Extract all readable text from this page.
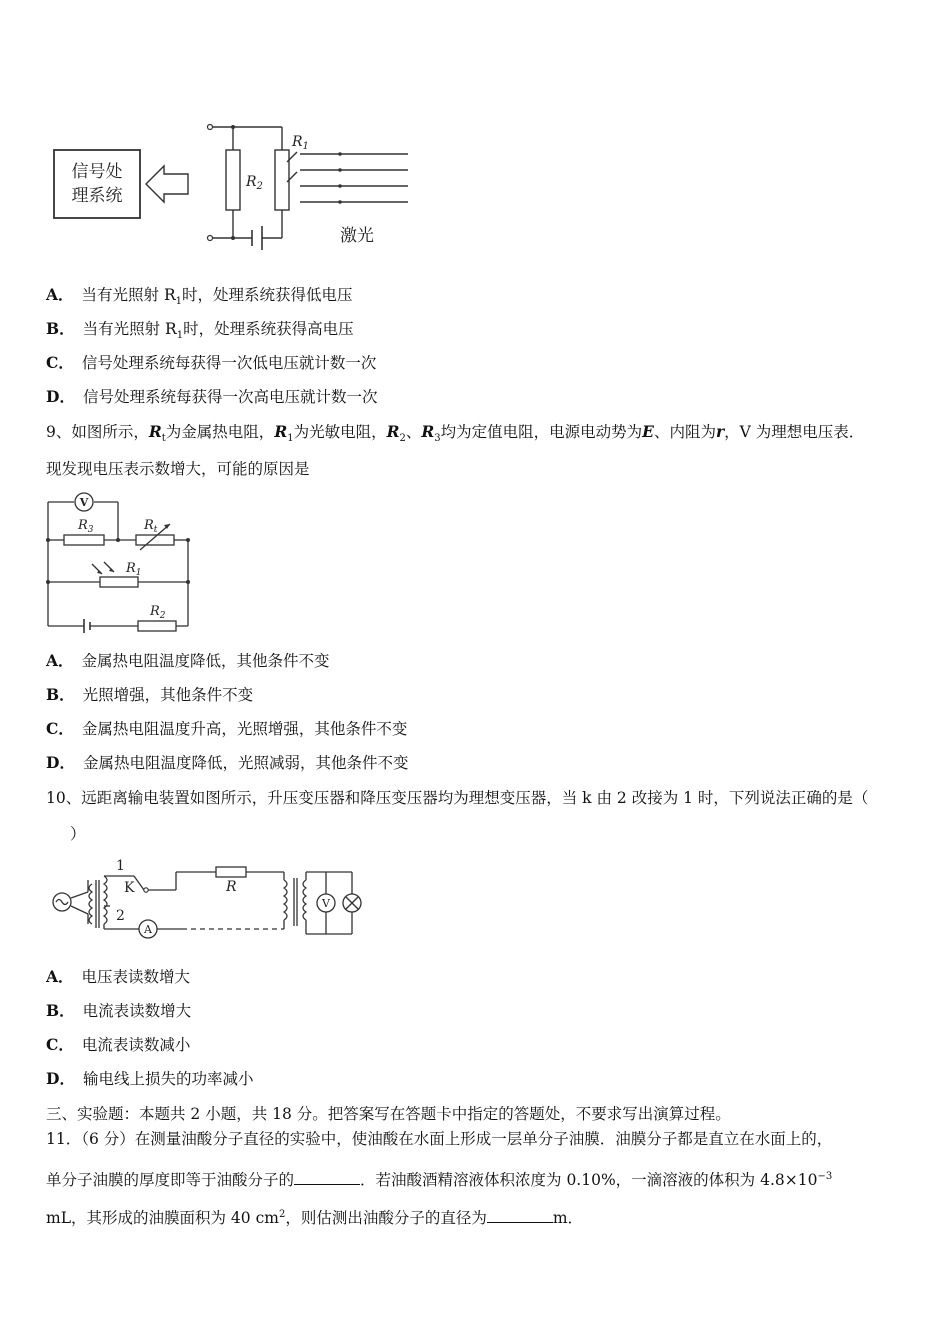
信号处
理系统
$R_2$
$R_1$
激光
A． 当有光照射 $R_1$时，处理系统获得低电压
B． 当有光照射 $R_1$时，处理系统获得高电压
C． 信号处理系统每获得一次低电压就计数一次
D． 信号处理系统每获得一次高电压就计数一次
9、如图所示，$R_t$为金属热电阻，$R_1$为光敏电阻，$R_2$、$R_3$均为定值电阻，电源电动势为E、内阻为r，V 为理想电压表．
现发现电压表示数增大，可能的原因是
V
$R_3$	$R_t$
$R_1$
$R_2$
A． 金属热电阻温度降低，其他条件不变
B． 光照增强，其他条件不变
C． 金属热电阻温度升高，光照增强，其他条件不变
D． 金属热电阻温度降低，光照减弱，其他条件不变
10、远距离输电装置如图所示，升压变压器和降压变压器均为理想变压器，当 k 由 2 改接为 1 时，下列说法正确的是（
）
1
K
2
R
A
V
A． 电压表读数增大
B． 电流表读数增大
C． 电流表读数减小
D． 输电线上损失的功率减小
三、实验题：本题共 2 小题，共 18 分。把答案写在答题卡中指定的答题处，不要求写出演算过程。
11．（6 分）在测量油酸分子直径的实验中，使油酸在水面上形成一层单分子油膜．油膜分子都是直立在水面上的，
单分子油膜的厚度即等于油酸分子的	．若油酸酒精溶液体积浓度为 0.10%，一滴溶液的体积为 $4.8\times 10^{-3}$
mL，其形成的油膜面积为 40 $cm^2$，则估测出油酸分子的直径为	m．
